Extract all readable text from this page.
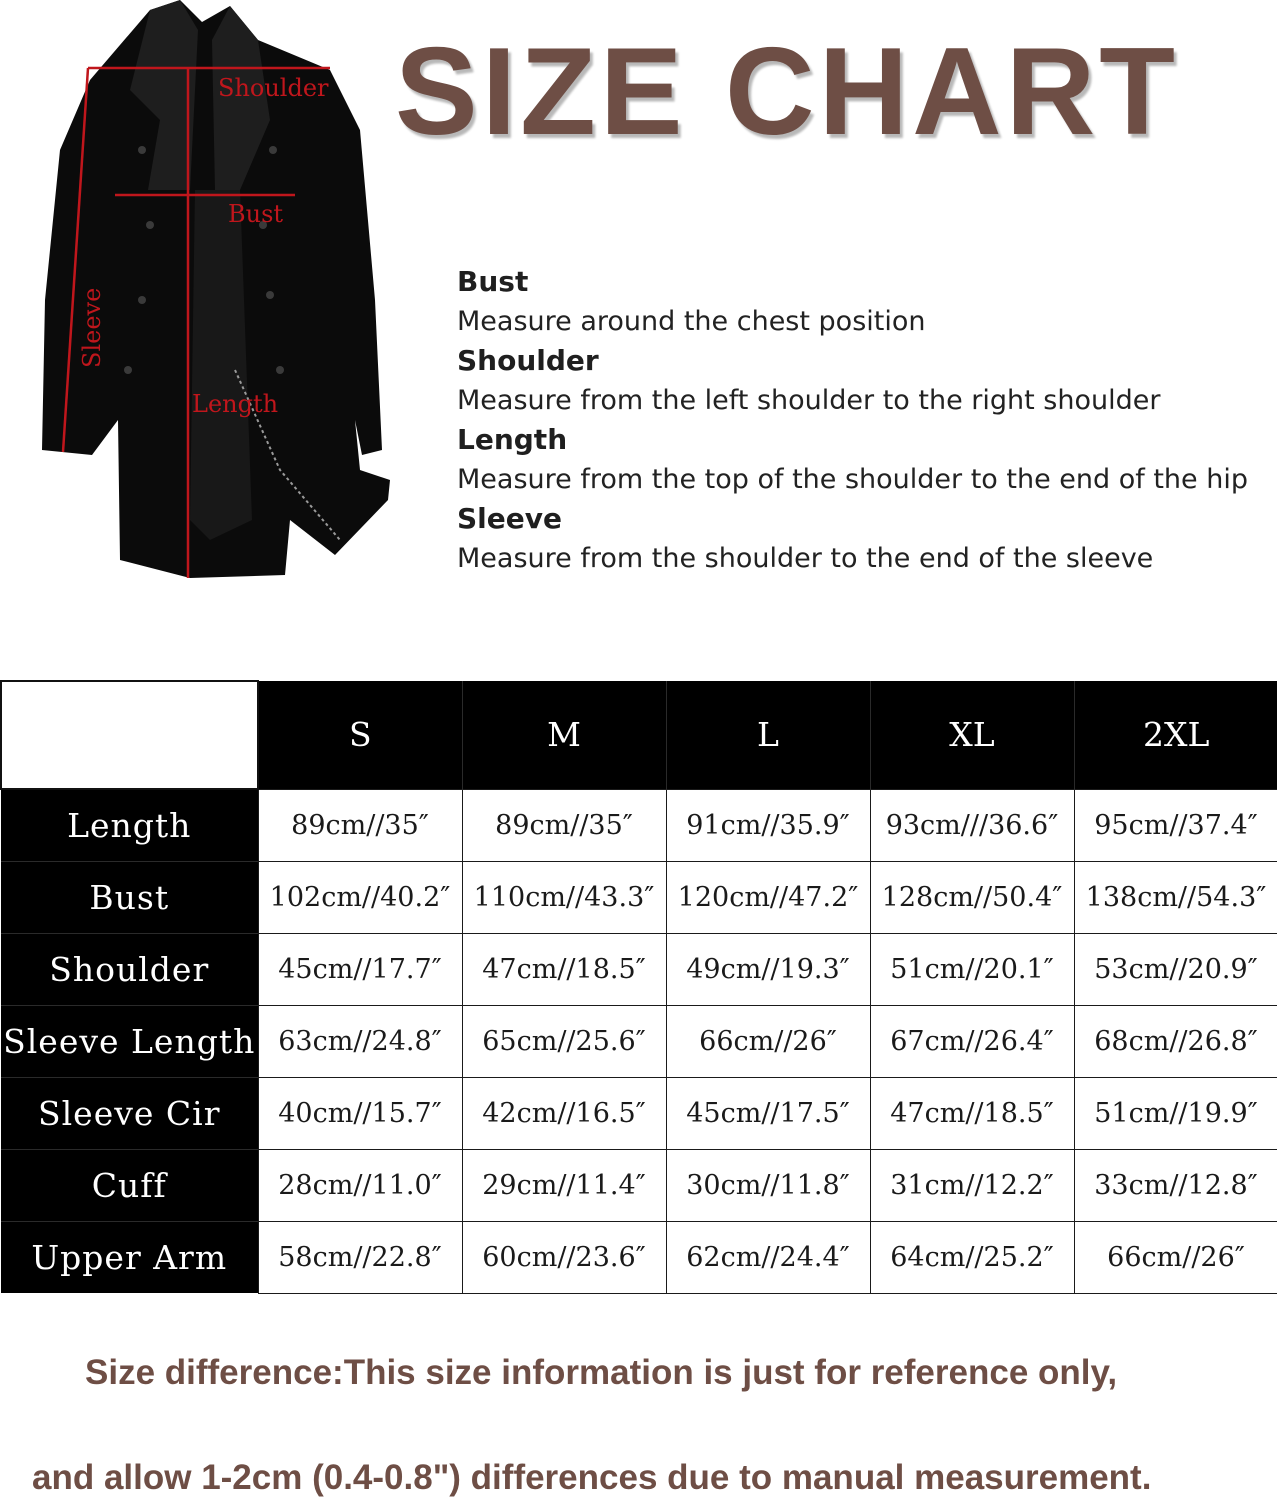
Shoulder
Bust
Length
Sleeve
SIZE CHART
Bust
Measure around the chest position
Shoulder
Measure from the left shoulder to the right shoulder
Length
Measure from the top of the shoulder to the end of the hip
Sleeve
Measure from the shoulder to the end of the sleeve
	S	M	L	XL	2XL
Length	89cm//35″	89cm//35″	91cm//35.9″	93cm///36.6″	95cm//37.4″
Bust	102cm//40.2″	110cm//43.3″	120cm//47.2″	128cm//50.4″	138cm//54.3″
Shoulder	45cm//17.7″	47cm//18.5″	49cm//19.3″	51cm//20.1″	53cm//20.9″
Sleeve Length	63cm//24.8″	65cm//25.6″	66cm//26″	67cm//26.4″	68cm//26.8″
Sleeve Cir	40cm//15.7″	42cm//16.5″	45cm//17.5″	47cm//18.5″	51cm//19.9″
Cuff	28cm//11.0″	29cm//11.4″	30cm//11.8″	31cm//12.2″	33cm//12.8″
Upper Arm	58cm//22.8″	60cm//23.6″	62cm//24.4″	64cm//25.2″	66cm//26″
Size difference:This size information is just for reference only,
and allow 1-2cm (0.4-0.8") differences due to manual measurement.
